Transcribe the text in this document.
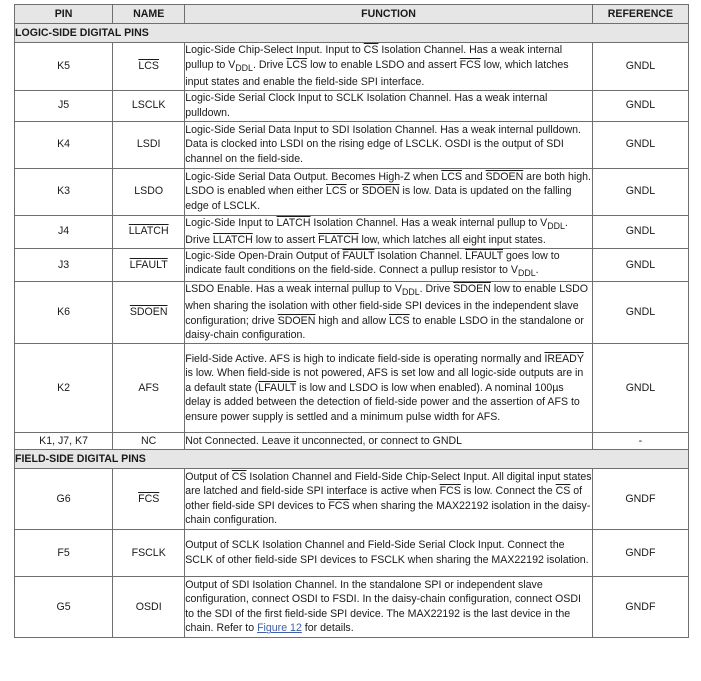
PIN	NAME	FUNCTION	REFERENCE
LOGIC-SIDE DIGITAL PINS			
K5	$\overline{LCS}$	Logic-Side Chip-Select Input. Input to $\overline{CS}$ Isolation Channel. Has a weak internal pullup to $V_{DDL}$. Drive $\overline{LCS}$ low to enable LSDO and assert $\overline{FCS}$ low, which latches input states and enable the field-side SPI interface.	GNDL
J5	LSCLK	Logic-Side Serial Clock Input to SCLK Isolation Channel. Has a weak internal pulldown.	GNDL
K4	LSDI	Logic-Side Serial Data Input to SDI Isolation Channel. Has a weak internal pulldown. Data is clocked into LSDI on the rising edge of LSCLK. OSDI is the output of SDI channel on the field-side.	GNDL
K3	LSDO	Logic-Side Serial Data Output. Becomes High-Z when $\overline{LCS}$ and SDOEN are both high. LSDO is enabled when either $\overline{LCS}$ or SDOEN is low. Data is updated on the falling edge of LSCLK.	GNDL
J4	LLATCH	Logic-Side Input to LATCH Isolation Channel. Has a weak internal pullup to $V_{DDL}$. Drive LLATCH low to assert FLATCH low, which latches all eight input states.	GNDL
J3	LFAULT	Logic-Side Open-Drain Output of FAULT Isolation Channel. LFAULT goes low to indicate fault conditions on the field-side. Connect a pullup resistor to $V_{DDL}$.	GNDL
K6	SDOEN	LSDO Enable. Has a weak internal pullup to $V_{DDL}$. Drive SDOEN low to enable LSDO when sharing the isolation with other field-side SPI devices in the independent slave configuration; drive SDOEN high and allow $\overline{LCS}$ to enable LSDO in the standalone or daisy-chain configuration.	GNDL
K2	AFS	Field-Side Active. AFS is high to indicate field-side is operating normally and IREADY is low. When field-side is not powered, AFS is set low and all logic-side outputs are in a default state (LFAULT is low and LSDO is low when enabled). A nominal 100µs delay is added between the detection of field-side power and the assertion of AFS to ensure power supply is settled and a minimum pulse width for AFS.	GNDL
K1, J7, K7	NC	Not Connected. Leave it unconnected, or connect to GNDL	-
FIELD-SIDE DIGITAL PINS			
G6	$\overline{FCS}$	Output of $\overline{CS}$ Isolation Channel and Field-Side Chip-Select Input. All digital input states are latched and field-side SPI interface is active when $\overline{FCS}$ is low. Connect the $\overline{CS}$ of other field-side SPI devices to $\overline{FCS}$ when sharing the MAX22192 isolation in the daisy-chain configuration.	GNDF
F5	FSCLK	Output of SCLK Isolation Channel and Field-Side Serial Clock Input. Connect the SCLK of other field-side SPI devices to FSCLK when sharing the MAX22192 isolation.	GNDF
G5	OSDI	Output of SDI Isolation Channel. In the standalone SPI or independent slave configuration, connect OSDI to FSDI. In the daisy-chain configuration, connect OSDI to the SDI of the first field-side SPI device. The MAX22192 is the last device in the chain. Refer to Figure 12 for details.	GNDF
